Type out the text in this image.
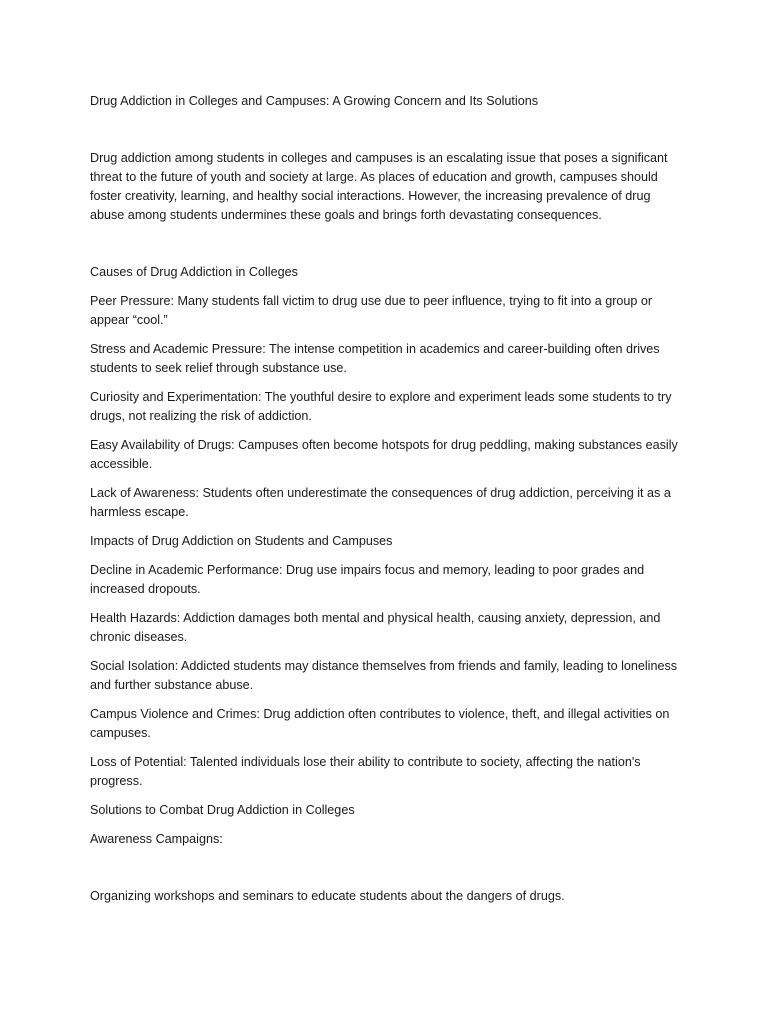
Drug Addiction in Colleges and Campuses: A Growing Concern and Its Solutions

Drug addiction among students in colleges and campuses is an escalating issue that poses a significant threat to the future of youth and society at large. As places of education and growth, campuses should foster creativity, learning, and healthy social interactions. However, the increasing prevalence of drug abuse among students undermines these goals and brings forth devastating consequences.

Causes of Drug Addiction in Colleges

Peer Pressure: Many students fall victim to drug use due to peer influence, trying to fit into a group or appear “cool.”

Stress and Academic Pressure: The intense competition in academics and career-building often drives students to seek relief through substance use.

Curiosity and Experimentation: The youthful desire to explore and experiment leads some students to try drugs, not realizing the risk of addiction.

Easy Availability of Drugs: Campuses often become hotspots for drug peddling, making substances easily accessible.

Lack of Awareness: Students often underestimate the consequences of drug addiction, perceiving it as a harmless escape.

Impacts of Drug Addiction on Students and Campuses

Decline in Academic Performance: Drug use impairs focus and memory, leading to poor grades and increased dropouts.

Health Hazards: Addiction damages both mental and physical health, causing anxiety, depression, and chronic diseases.

Social Isolation: Addicted students may distance themselves from friends and family, leading to loneliness and further substance abuse.

Campus Violence and Crimes: Drug addiction often contributes to violence, theft, and illegal activities on campuses.

Loss of Potential: Talented individuals lose their ability to contribute to society, affecting the nation's progress.

Solutions to Combat Drug Addiction in Colleges

Awareness Campaigns:

Organizing workshops and seminars to educate students about the dangers of drugs.
